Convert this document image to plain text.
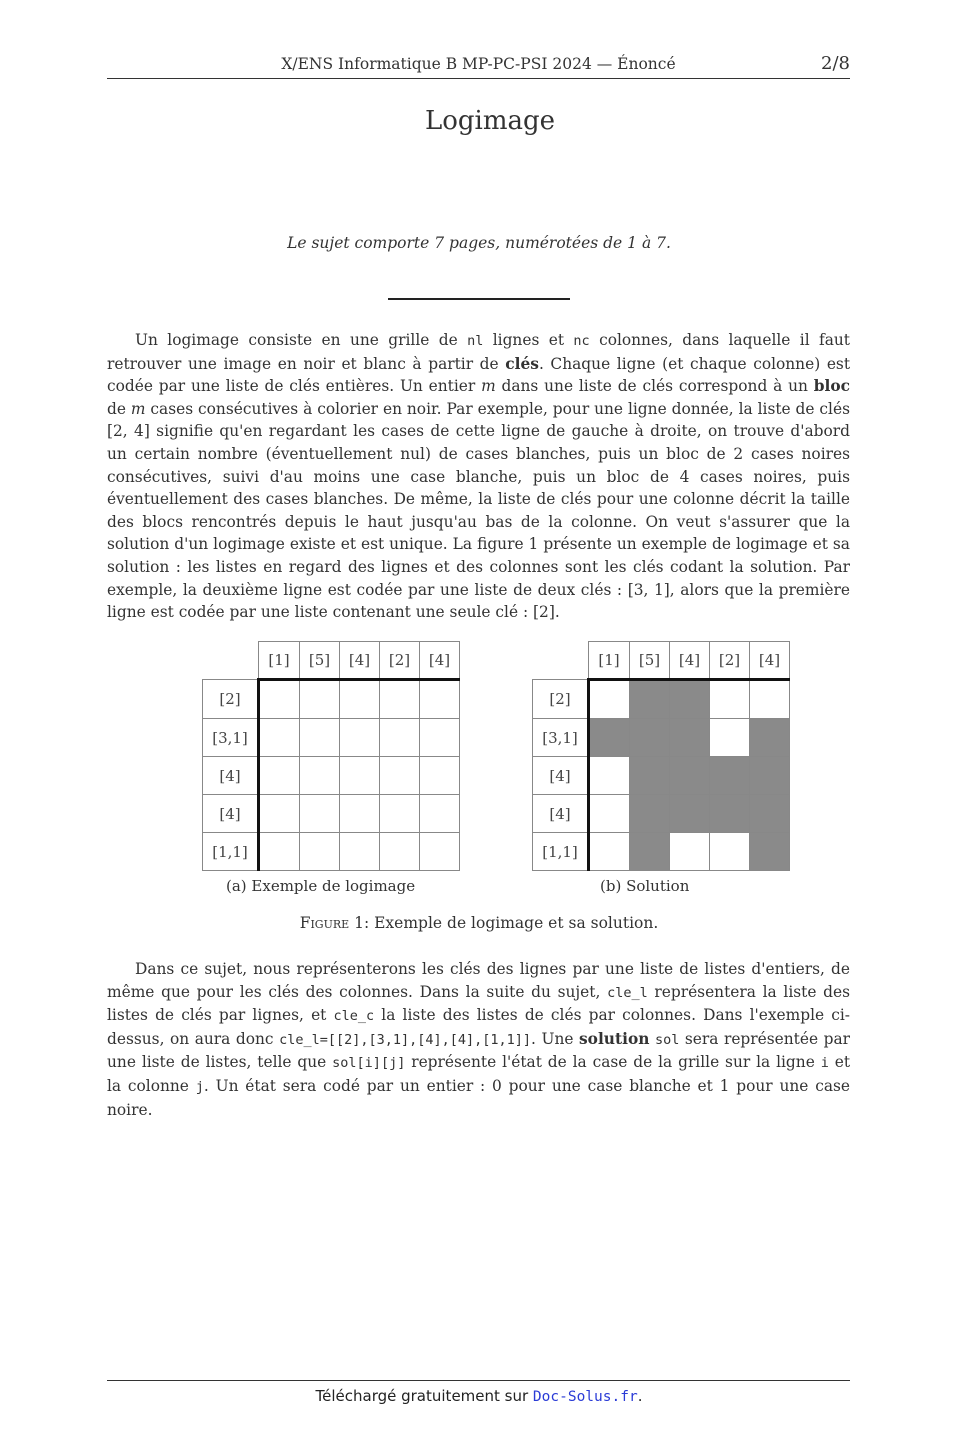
X/ENS Informatique B MP-PC-PSI 2024 — Énoncé	2/8
Logimage
Le sujet comporte 7 pages, numérotées de 1 à 7.

Un logimage consiste en une grille de nl lignes et nc colonnes, dans laquelle il faut retrouver une image en noir et blanc à partir de clés. Chaque ligne (et chaque colonne) est codée par une liste de clés entières. Un entier m dans une liste de clés correspond à un bloc de m cases consécutives à colorier en noir. Par exemple, pour une ligne donnée, la liste de clés [2, 4] signifie qu'en regardant les cases de cette ligne de gauche à droite, on trouve d'abord un certain nombre (éventuellement nul) de cases blanches, puis un bloc de 2 cases noires consécutives, suivi d'au moins une case blanche, puis un bloc de 4 cases noires, puis éventuellement des cases blanches. De même, la liste de clés pour une colonne décrit la taille des blocs rencontrés depuis le haut jusqu'au bas de la colonne. On veut s'assurer que la solution d'un logimage existe et est unique. La figure 1 présente un exemple de logimage et sa solution : les listes en regard des lignes et des colonnes sont les clés codant la solution. Par exemple, la deuxième ligne est codée par une liste de deux clés : [3, 1], alors que la première ligne est codée par une liste contenant une seule clé : [2].

	[1]	[5]	[4]	[2]	[4]
[2]					
[3,1]					
[4]					
[4]					
[1,1]					
	[1]	[5]	[4]	[2]	[4]
[2]					
[3,1]					
[4]					
[4]					
[1,1]					
(a) Exemple de logimage	(b) Solution
Figure 1: Exemple de logimage et sa solution.

Dans ce sujet, nous représenterons les clés des lignes par une liste de listes d'entiers, de même que pour les clés des colonnes. Dans la suite du sujet, cle_l représentera la liste des listes de clés par lignes, et cle_c la liste des listes de clés par colonnes. Dans l'exemple ci-dessus, on aura donc cle_l=[[2],[3,1],[4],[4],[1,1]]. Une solution sol sera représentée par une liste de listes, telle que sol[i][j] représente l'état de la case de la grille sur la ligne i et la colonne j. Un état sera codé par un entier : 0 pour une case blanche et 1 pour une case noire.

Téléchargé gratuitement sur Doc-Solus.fr.
